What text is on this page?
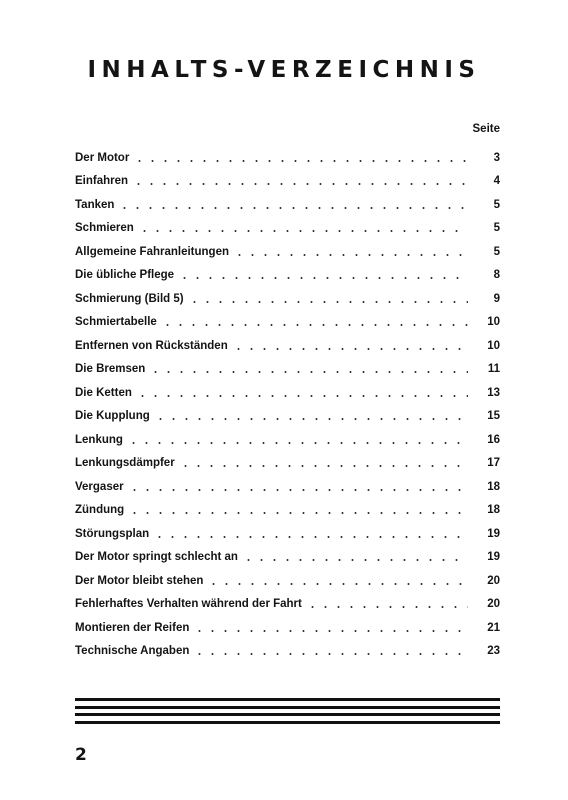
INHALTS-VERZEICHNIS
Seite
Der Motor	3
Einfahren	4
Tanken	5
Schmieren	5
Allgemeine Fahranleitungen	5
Die übliche Pflege	8
Schmierung (Bild 5)	9
Schmiertabelle	10
Entfernen von Rückständen	10
Die Bremsen	11
Die Ketten	13
Die Kupplung	15
Lenkung	16
Lenkungsdämpfer	17
Vergaser	18
Zündung	18
Störungsplan	19
Der Motor springt schlecht an	19
Der Motor bleibt stehen	20
Fehlerhaftes Verhalten während der Fahrt	20
Montieren der Reifen	21
Technische Angaben	23
2
